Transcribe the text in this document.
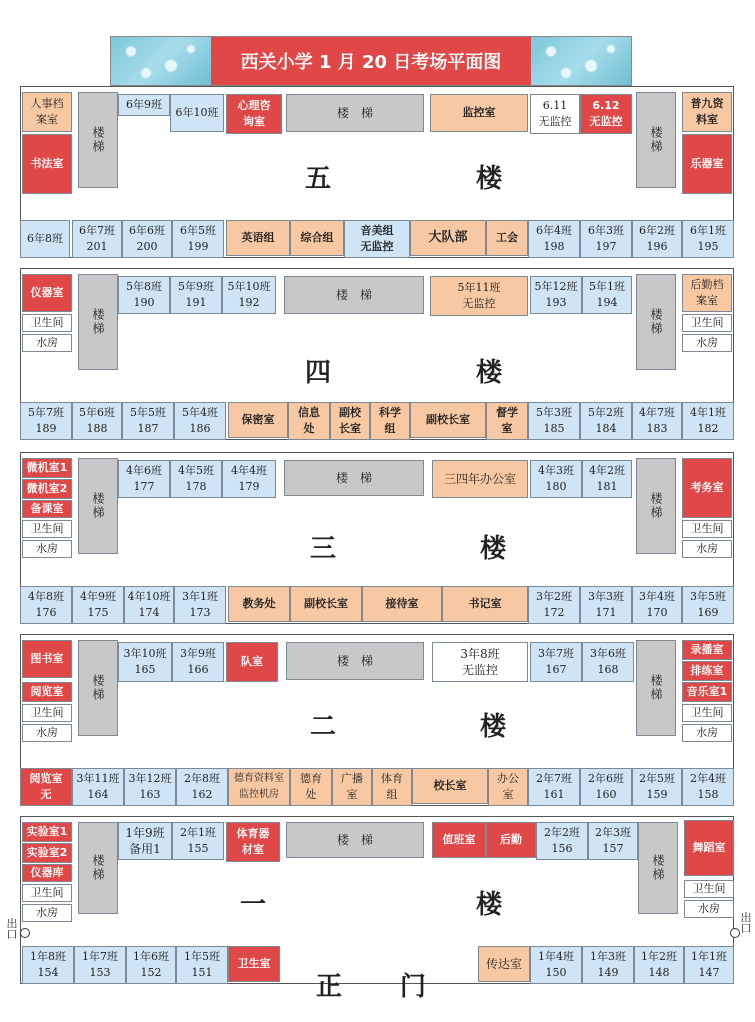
西关小学 1 月 20 日考场平面图
人事档
案室
书法室
楼梯
6年9班
6年10班
心理咨
询室
楼　梯	监控室
6.11
无监控
6.12
无监控
楼梯
普九资
料室
乐器室
五	楼
6年8班
6年7班
201
6年6班
200
6年5班
199
英语组 综合组
音美组
无监控
大队部	工会
6年4班
198
6年3班
197
6年2班
196
6年1班
195
仪器室
卫生间
水房
楼梯
5年8班
190
5年9班
191
5年10班
192
楼　梯
5年11班
无监控
5年12班
193
5年1班
194
楼梯
后勤档
案室
卫生间
水房
四	楼
5年7班
189
5年6班
188
5年5班
187
5年4班
186
保密室
信息
处
副校
长室
科学
组
副校长室
督学
室
5年3班
185
5年2班
184
4年7班
183
4年1班
182
微机室1
微机室2
备课室
卫生间
水房
楼梯
4年6班
177
4年5班
178
4年4班
179
楼　梯	三四年办公室
4年3班
180
4年2班
181
楼梯
考务室
卫生间
水房
三	楼
4年8班
176
4年9班
175
4年10班
174
3年1班
173
教务处	副校长室	接待室	书记室
3年2班
172
3年3班
171
3年4班
170
3年5班
169
图书室
阅览室
卫生间
水房
楼梯
3年10班
165
3年9班
166
队室	楼　梯	3年8班
无监控
3年7班
167
3年6班
168
楼梯
录播室
排练室
音乐室1
卫生间
水房
二	楼
阅览室
无
3年11班
164
3年12班
163
2年8班
162
德育资料室
监控机房
德育
处
广播
室
体育
组
校长室
办公
室
2年7班
161
2年6班
160
2年5班
159
2年4班
158
实验室1
实验室2
仪器库
卫生间
水房
楼梯
1年9班
备用1
2年1班
155
体育器
材室
楼　梯	值班室 后勤
2年2班
156
2年3班
157
楼梯
舞蹈室
卫生间
水房
一	楼
1年8班
154
1年7班
153
1年6班
152
1年5班
151
卫生室	传达室
1年4班
150
1年3班
149
1年2班
148
1年1班
147
出口
出口
正　　门
